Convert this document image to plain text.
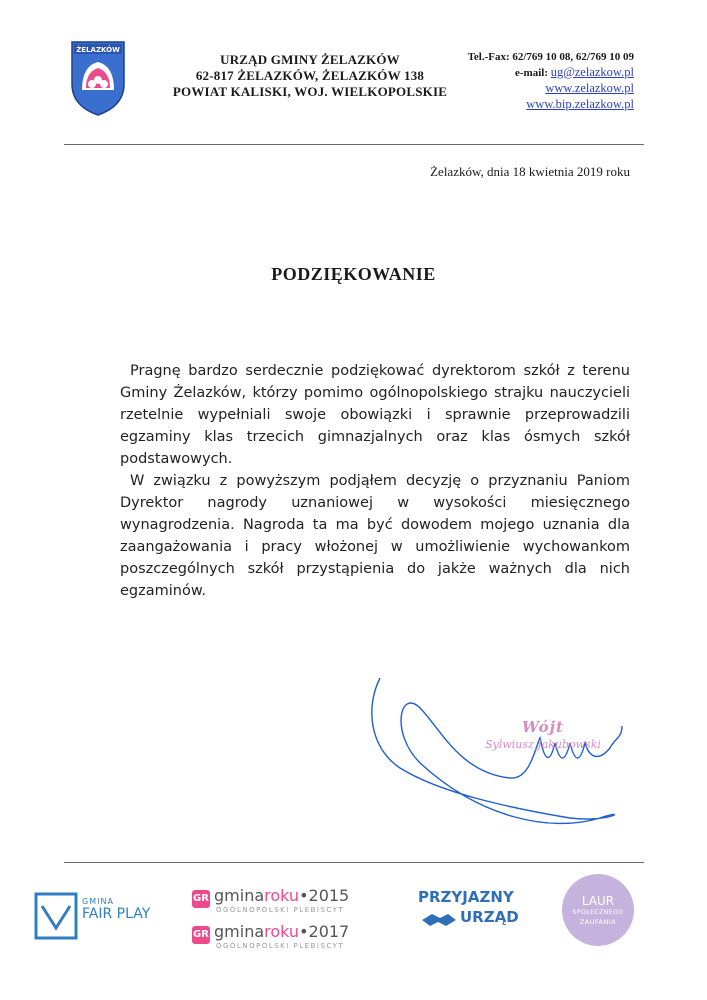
ŻELAZKÓW
URZĄD GMINY ŻELAZKÓW
62-817 ŻELAZKÓW, ŻELAZKÓW 138
POWIAT KALISKI, WOJ. WIELKOPOLSKIE
Tel.-Fax: 62/769 10 08, 62/769 10 09
e-mail: ug@zelazkow.pl
www.zelazkow.pl
www.bip.zelazkow.pl
Żelazków, dnia 18 kwietnia 2019 roku
PODZIĘKOWANIE

Pragnę bardzo serdecznie podziękować dyrektorom szkół z terenu Gminy Żelazków, którzy pomimo ogólnopolskiego strajku nauczycieli rzetelnie wypełniali swoje obowiązki i sprawnie przeprowadzili egzaminy klas trzecich gimnazjalnych oraz klas ósmych szkół podstawowych.

W związku z powyższym podjąłem decyzję o przyznaniu Paniom Dyrektor nagrody uznaniowej w wysokości miesięcznego wynagrodzenia. Nagroda ta ma być dowodem mojego uznania dla zaangażowania i pracy włożonej w umożliwienie wychowankom poszczególnych szkół przystąpienia do jakże ważnych dla nich egzaminów.

Wójt
Sylwiusz Jakubowski
GMINA
FAIR PLAY
GR gminaroku•2015
OGÓLNOPOLSKI PLEBISCYT
GR gminaroku•2017
OGÓLNOPOLSKI PLEBISCYT
PRZYJAZNY
URZĄD
LAUR
SPOŁECZNEGO
ZAUFANIA
